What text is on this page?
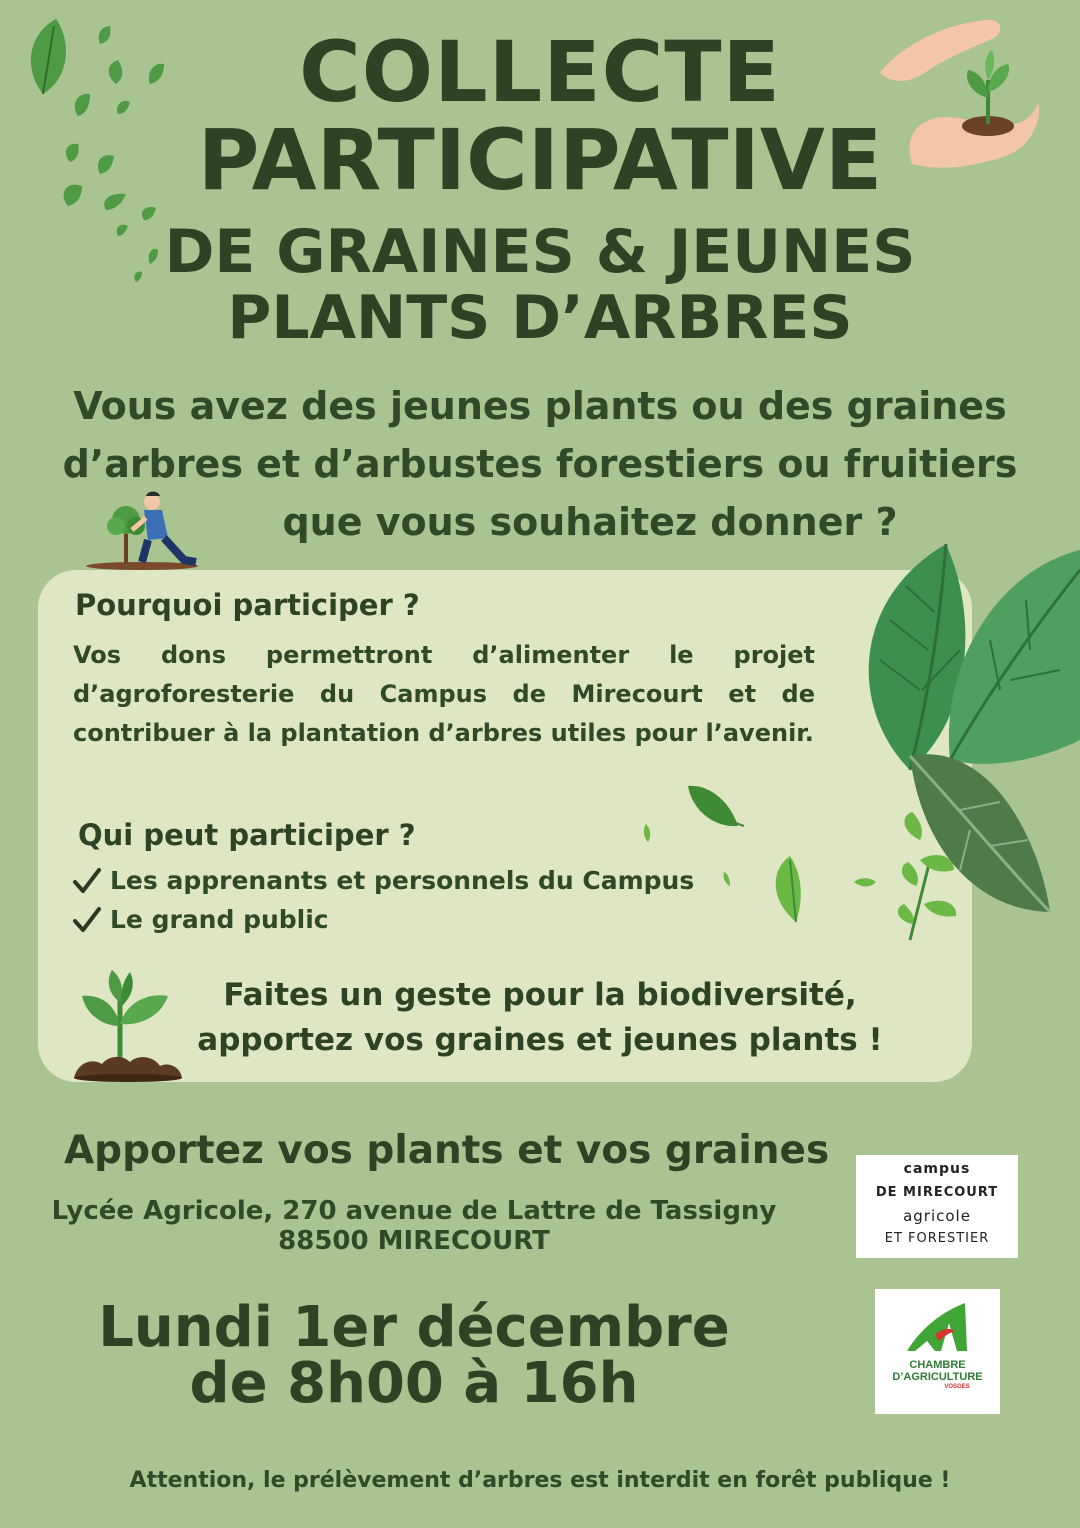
COLLECTE
PARTICIPATIVE
DE GRAINES & JEUNES
PLANTS D’ARBRES
Vous avez des jeunes plants ou des graines
d’arbres et d’arbustes forestiers ou fruitiers
que vous souhaitez donner ?
Pourquoi participer ?
Vos dons permettront d’alimenter le projet d’agroforesterie du Campus de Mirecourt et de contribuer à la plantation d’arbres utiles pour l’avenir.
Qui peut participer ?
Les apprenants et personnels du Campus
Le grand public
Faites un geste pour la biodiversité,
apportez vos graines et jeunes plants !
Apportez vos plants et vos graines
Lycée Agricole, 270 avenue de Lattre de Tassigny
88500 MIRECOURT
Lundi 1er décembre
de 8h00 à 16h
campus
DE MIRECOURT
agricole
ET FORESTIER
CHAMBRE
D’AGRICULTURE
VOSGES
Attention, le prélèvement d’arbres est interdit en forêt publique !
